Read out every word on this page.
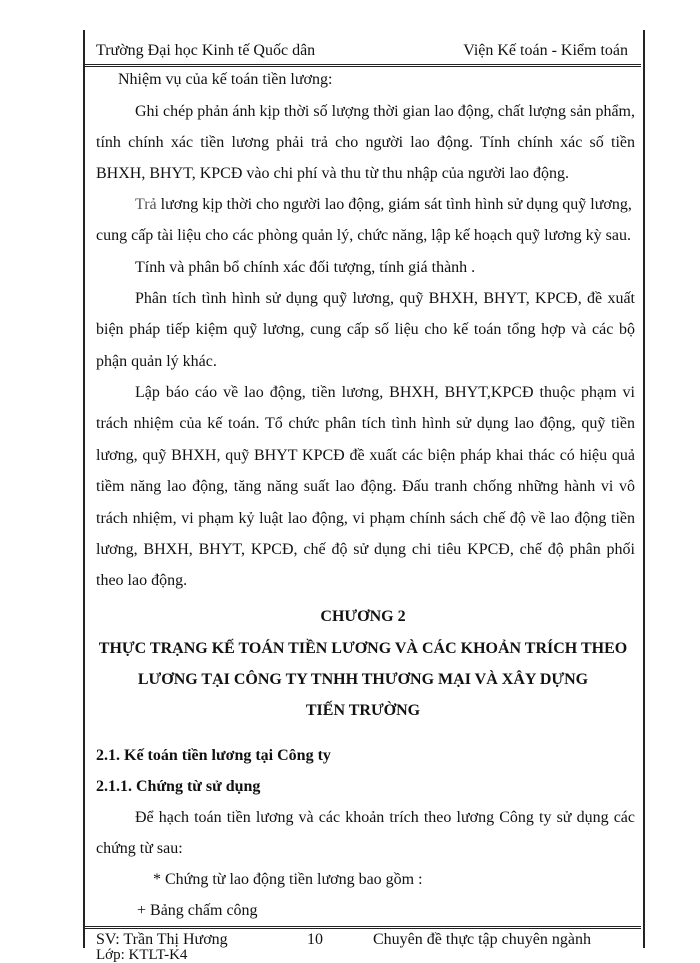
Trường Đại học Kinh tế Quốc dân	Viện Kế toán - Kiểm toán
Nhiệm vụ của kế toán tiền lương:
Ghi chép phản ánh kịp thời số lượng thời gian lao động, chất lượng sản phẩm,
tính chính xác tiền lương phải trả cho người lao động. Tính chính xác số tiền
BHXH, BHYT, KPCĐ vào chi phí và thu từ thu nhập của người lao động.
Trả lương kịp thời cho người lao động, giám sát tình hình sử dụng quỹ lương,
cung cấp tài liệu cho các phòng quản lý, chức năng, lập kế hoạch quỹ lương kỳ sau.
Tính và phân bổ chính xác đối tượng, tính giá thành .
Phân tích tình hình sử dụng quỹ lương, quỹ BHXH, BHYT, KPCĐ, đề xuất
biện pháp tiếp kiệm quỹ lương, cung cấp số liệu cho kế toán tổng hợp và các bộ
phận quản lý khác.
Lập báo cáo về lao động, tiền lương, BHXH, BHYT,KPCĐ thuộc phạm vi
trách nhiệm của kế toán. Tổ chức phân tích tình hình sử dụng lao động, quỹ tiền
lương, quỹ BHXH, quỹ BHYT KPCĐ đề xuất các biện pháp khai thác có hiệu quả
tiềm năng lao động, tăng năng suất lao động. Đấu tranh chống những hành vi vô
trách nhiệm, vi phạm kỷ luật lao động, vi phạm chính sách chế độ về lao động tiền
lương, BHXH, BHYT, KPCĐ, chế độ sử dụng chi tiêu KPCĐ, chế độ phân phối
theo lao động.
CHƯƠNG 2
THỰC TRẠNG KẾ TOÁN TIỀN LƯƠNG VÀ CÁC KHOẢN TRÍCH THEO
LƯƠNG TẠI CÔNG TY TNHH THƯƠNG MẠI VÀ XÂY DỰNG
TIẾN TRƯỜNG
2.1. Kế toán tiền lương tại Công ty
2.1.1. Chứng từ sử dụng
Để hạch toán tiền lương và các khoản trích theo lương Công ty sử dụng các
chứng từ sau:
* Chứng từ lao động tiền lương bao gồm :
+ Bảng chấm công
SV: Trần Thị Hương	10	Chuyên đề thực tập chuyên ngành
Lớp: KTLT-K4
